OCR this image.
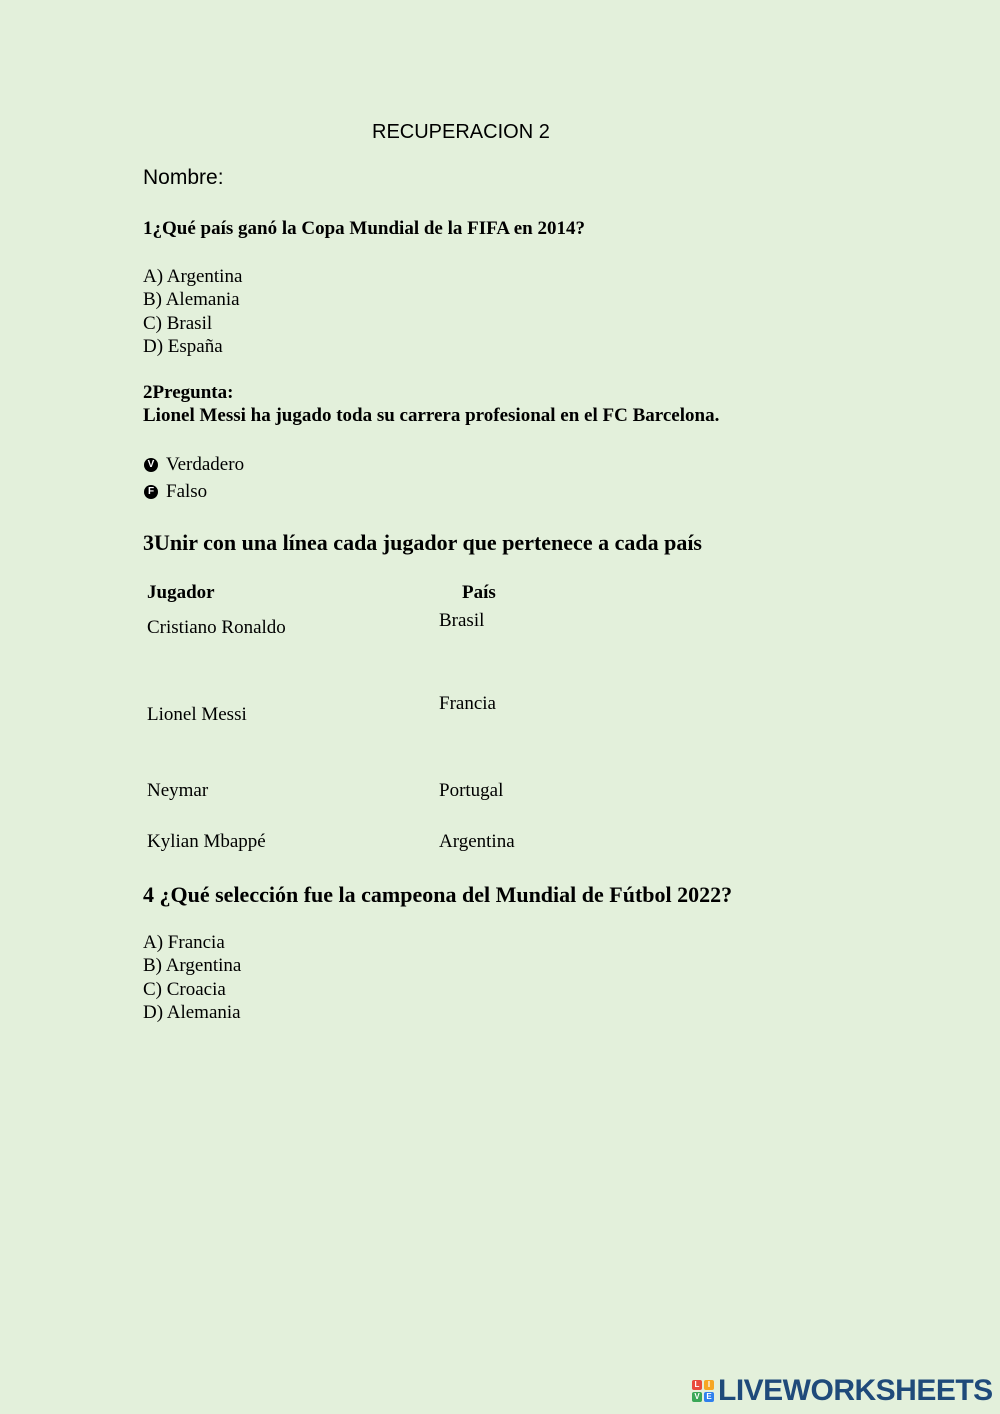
RECUPERACION 2
Nombre:
1¿Qué país ganó la Copa Mundial de la FIFA en 2014?
A) Argentina
B) Alemania
C) Brasil
D) España
2Pregunta:
Lionel Messi ha jugado toda su carrera profesional en el FC Barcelona.
V Verdadero
F Falso
3Unir con una línea cada jugador que pertenece a cada país
Jugador	País
Cristiano Ronaldo
Lionel Messi
Neymar
Kylian Mbappé
Brasil
Francia
Portugal
Argentina
4 ¿Qué selección fue la campeona del Mundial de Fútbol 2022?
A) Francia
B) Argentina
C) Croacia
D) Alemania
L	I
V E LIVEWORKSHEETS
